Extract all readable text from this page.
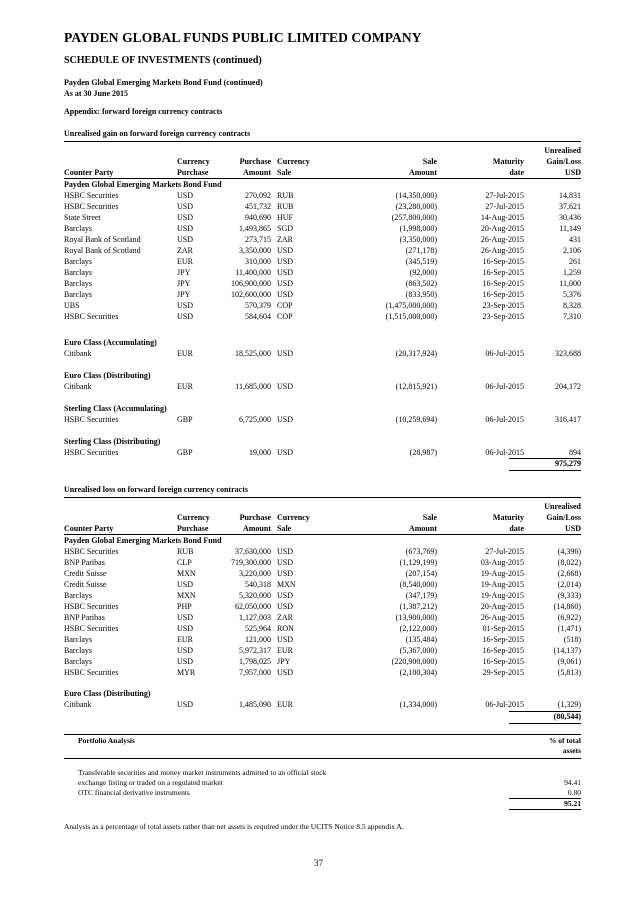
PAYDEN GLOBAL FUNDS PUBLIC LIMITED COMPANY
SCHEDULE OF INVESTMENTS (continued)
Payden Global Emerging Markets Bond Fund (continued)
As at 30 June 2015
Appendix: forward foreign currency contracts
Unrealised gain on forward foreign currency contracts
Unrealised
Currency	Purchase Currency	Sale	Maturity	Gain/Loss
Counter Party	Purchase	Amount Sale	Amount	date	USD
Payden Global Emerging Markets Bond Fund
HSBC Securities	USD	270,092 RUB	(14,350,000)	27-Jul-2015	14,831
HSBC Securities	USD	451,732 RUB	(23,280,000)	27-Jul-2015	37,621
State Street	USD	940,690 HUF	(257,800,000)	14-Aug-2015	30,436
Barclays	USD	1,493,865 SGD	(1,998,000)	20-Aug-2015	11,149
Royal Bank of Scotland	USD	273,715 ZAR	(3,350,000)	26-Aug-2015	431
Royal Bank of Scotland	ZAR	3,350,000 USD	(271,178)	26-Aug-2015	2,106
Barclays	EUR	310,000 USD	(345,519)	16-Sep-2015	261
Barclays	JPY	11,400,000 USD	(92,000)	16-Sep-2015	1,259
Barclays	JPY	106,900,000 USD	(863,502)	16-Sep-2015	11,000
Barclays	JPY	102,600,000 USD	(833,950)	16-Sep-2015	5,376
UBS	USD	570,379 COP	(1,475,000,000)	23-Sep-2015	8,328
HSBC Securities	USD	584,604 COP	(1,515,000,000)	23-Sep-2015	7,310
Euro Class (Accumulating)
Citibank	EUR	18,525,000 USD	(20,317,924)	06-Jul-2015	323,688
Euro Class (Distributing)
Citibank	EUR	11,685,000 USD	(12,815,921)	06-Jul-2015	204,172
Sterling Class (Accumulating)
HSBC Securities	GBP	6,725,000 USD	(10,259,694)	06-Jul-2015	316,417
Sterling Class (Distributing)
HSBC Securities	GBP	19,000 USD	(28,987)	06-Jul-2015	894
975,279
Unrealised loss on forward foreign currency contracts
Unrealised
Currency	Purchase Currency	Sale	Maturity	Gain/Loss
Counter Party	Purchase	Amount Sale	Amount	date	USD
Payden Global Emerging Markets Bond Fund
HSBC Securities	RUB	37,630,000 USD	(673,769)	27-Jul-2015	(4,396)
BNP Paribas	CLP	719,300,000 USD	(1,129,199)	03-Aug-2015	(8,022)
Credit Suisse	MXN	3,220,000 USD	(207,154)	19-Aug-2015	(2,668)
Credit Suisse	USD	540,318 MXN	(8,540,000)	19-Aug-2015	(2,014)
Barclays	MXN	5,320,000 USD	(347,179)	19-Aug-2015	(9,333)
HSBC Securities	PHP	62,050,000 USD	(1,387,212)	20-Aug-2015	(14,860)
BNP Paribas	USD	1,127,003 ZAR	(13,900,000)	26-Aug-2015	(6,922)
HSBC Securities	USD	525,964 RON	(2,122,000)	01-Sep-2015	(1,471)
Barclays	EUR	121,000 USD	(135,484)	16-Sep-2015	(518)
Barclays	USD	5,972,317 EUR	(5,367,000)	16-Sep-2015	(14,137)
Barclays	USD	1,798,025 JPY	(220,900,000)	16-Sep-2015	(9,061)
HSBC Securities	MYR	7,957,000 USD	(2,100,304)	29-Sep-2015	(5,813)
Euro Class (Distributing)
Citibank	USD	1,485,090 EUR	(1,334,000)	06-Jul-2015	(1,329)
(80,544)
Portfolio Analysis	% of total
assets
Transferable securities and money market instruments admitted to an official stock
exchange listing or traded on a regulated market	94.41
OTC financial derivative instruments	0.80
95.21
Analysis as a percentage of total assets rather than net assets is required under the UCITS Notice 8.5 appendix A.
37
